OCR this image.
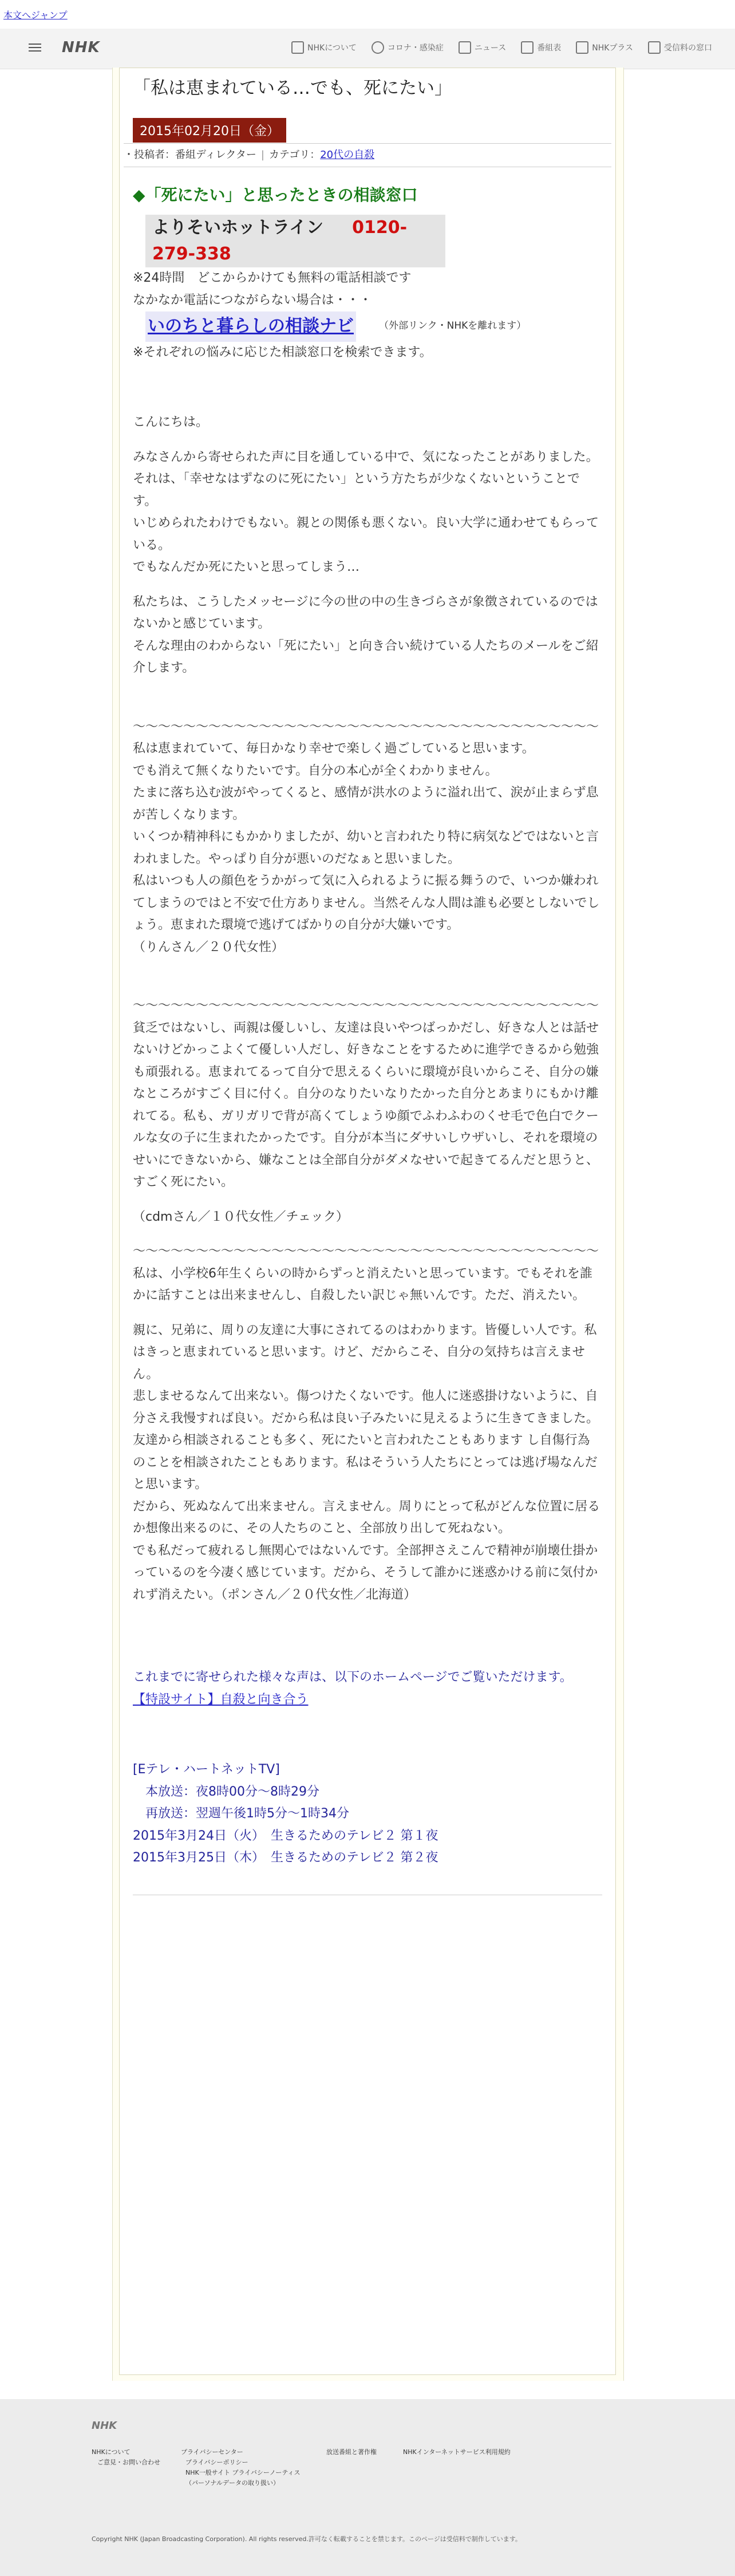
本文へジャンプ
NHK	NHKについて	コロナ・感染症	ニュース	番組表	NHKプラス	受信料の窓口
「私は恵まれている…でも、死にたい」
2015年02月20日（金）
・投稿者：番組ディレクター | カテゴリ：20代の自殺
◆「死にたい」と思ったときの相談窓口
よりそいホットライン 0120-279-338

※24時間　どこからかけても無料の電話相談です

なかなか電話につながらない場合は・・・

いのちと暮らしの相談ナビ	（外部リンク・NHKを離れます）

※それぞれの悩みに応じた相談窓口を検索できます。

こんにちは。

みなさんから寄せられた声に目を通している中で、気になったことがありました。

それは、「幸せなはずなのに死にたい」という方たちが少なくないということです。

いじめられたわけでもない。親との関係も悪くない。良い大学に通わせてもらっている。

でもなんだか死にたいと思ってしまう…

私たちは、こうしたメッセージに今の世の中の生きづらさが象徴されているのではないかと感じています。

そんな理由のわからない「死にたい」と向き合い続けている人たちのメールをご紹介します。

〜〜〜〜〜〜〜〜〜〜〜〜〜〜〜〜〜〜〜〜〜〜〜〜〜〜〜〜〜〜〜〜〜〜〜〜〜

私は恵まれていて、毎日かなり幸せで楽しく過ごしていると思います。

でも消えて無くなりたいです。自分の本心が全くわかりません。

たまに落ち込む波がやってくると、感情が洪水のように溢れ出て、涙が止まらず息が苦しくなります。

いくつか精神科にもかかりましたが、幼いと言われたり特に病気などではないと言われました。やっぱり自分が悪いのだなぁと思いました。

私はいつも人の顔色をうかがって気に入られるように振る舞うので、いつか嫌われてしまうのではと不安で仕方ありません。当然そんな人間は誰も必要としないでしょう。恵まれた環境で逃げてばかりの自分が大嫌いです。

（りんさん／２０代女性）

〜〜〜〜〜〜〜〜〜〜〜〜〜〜〜〜〜〜〜〜〜〜〜〜〜〜〜〜〜〜〜〜〜〜〜〜〜

貧乏ではないし、両親は優しいし、友達は良いやつばっかだし、好きな人とは話せないけどかっこよくて優しい人だし、好きなことをするために進学できるから勉強も頑張れる。恵まれてるって自分で思えるくらいに環境が良いからこそ、自分の嫌なところがすごく目に付く。自分のなりたいなりたかった自分とあまりにもかけ離れてる。私も、ガリガリで背が高くてしょうゆ顔でふわふわのくせ毛で色白でクールな女の子に生まれたかったです。自分が本当にダサいしウザいし、それを環境のせいにできないから、嫌なことは全部自分がダメなせいで起きてるんだと思うと、すごく死にたい。

（cdmさん／１０代女性／チェック）

〜〜〜〜〜〜〜〜〜〜〜〜〜〜〜〜〜〜〜〜〜〜〜〜〜〜〜〜〜〜〜〜〜〜〜〜〜

私は、小学校6年生くらいの時からずっと消えたいと思っています。でもそれを誰かに話すことは出来ませんし、自殺したい訳じゃ無いんです。ただ、消えたい。

親に、兄弟に、周りの友達に大事にされてるのはわかります。皆優しい人です。私はきっと恵まれていると思います。けど、だからこそ、自分の気持ちは言えません。

悲しませるなんて出来ない。傷つけたくないです。他人に迷惑掛けないように、自分さえ我慢すれば良い。だから私は良い子みたいに見えるように生きてきました。

友達から相談されることも多く、死にたいと言われたこともあります し自傷行為のことを相談されたこともあります。私はそういう人たちにとっては逃げ場なんだと思います。

だから、死ぬなんて出来ません。言えません。周りにとって私がどんな位置に居るか想像出来るのに、その人たちのこと、全部放り出して死ねない。

でも私だって疲れるし無関心ではないんです。全部押さえこんで精神が崩壊仕掛かっているのを今凄く感じています。だから、そうして誰かに迷惑かける前に気付かれず消えたい。（ポンさん／２０代女性／北海道）

これまでに寄せられた様々な声は、以下のホームページでご覧いただけます。

【特設サイト】自殺と向き合う

[Eテレ・ハートネットTV]

　本放送：夜8時00分〜8時29分

　再放送：翌週午後1時5分〜1時34分

2015年3月24日（火）　生きるためのテレビ２ 第１夜

2015年3月25日（木）　生きるためのテレビ２ 第２夜

NHK
NHKについて
ご意見・お問い合わせ
プライバシーセンター
プライバシーポリシー
NHK一般サイト プライバシーノーティス
（パーソナルデータの取り扱い）
放送番組と著作権	NHKインターネットサービス利用規約
Copyright NHK (Japan Broadcasting Corporation). All rights reserved.許可なく転載することを禁じます。このページは受信料で制作しています。
